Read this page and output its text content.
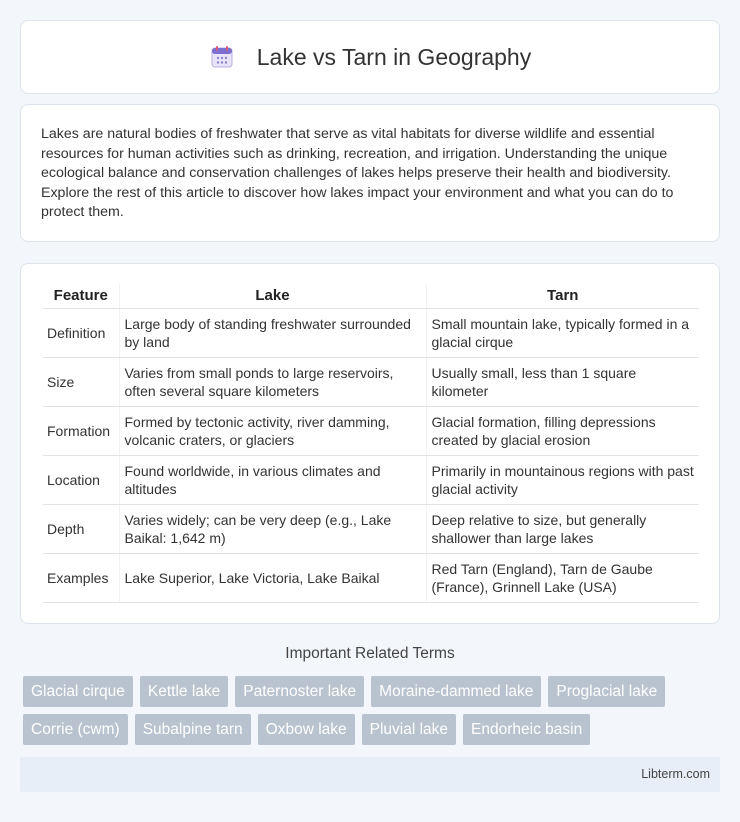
Lake vs Tarn in Geography

Lakes are natural bodies of freshwater that serve as vital habitats for diverse wildlife and essential resources for human activities such as drinking, recreation, and irrigation. Understanding the unique ecological balance and conservation challenges of lakes helps preserve their health and biodiversity. Explore the rest of this article to discover how lakes impact your environment and what you can do to protect them.

Feature	Lake	Tarn
Definition	Large body of standing freshwater surrounded by land	Small mountain lake, typically formed in a glacial cirque
Size	Varies from small ponds to large reservoirs, often several square kilometers	Usually small, less than 1 square kilometer
Formation	Formed by tectonic activity, river damming, volcanic craters, or glaciers	Glacial formation, filling depressions created by glacial erosion
Location	Found worldwide, in various climates and altitudes	Primarily in mountainous regions with past glacial activity
Depth	Varies widely; can be very deep (e.g., Lake Baikal: 1,642 m)	Deep relative to size, but generally shallower than large lakes
Examples	Lake Superior, Lake Victoria, Lake Baikal	Red Tarn (England), Tarn de Gaube (France), Grinnell Lake (USA)
Important Related Terms
Glacial cirque	Kettle lake	Paternoster lake	Moraine-dammed lake	Proglacial lake
Corrie (cwm)	Subalpine tarn	Oxbow lake	Pluvial lake	Endorheic basin
Libterm.com
